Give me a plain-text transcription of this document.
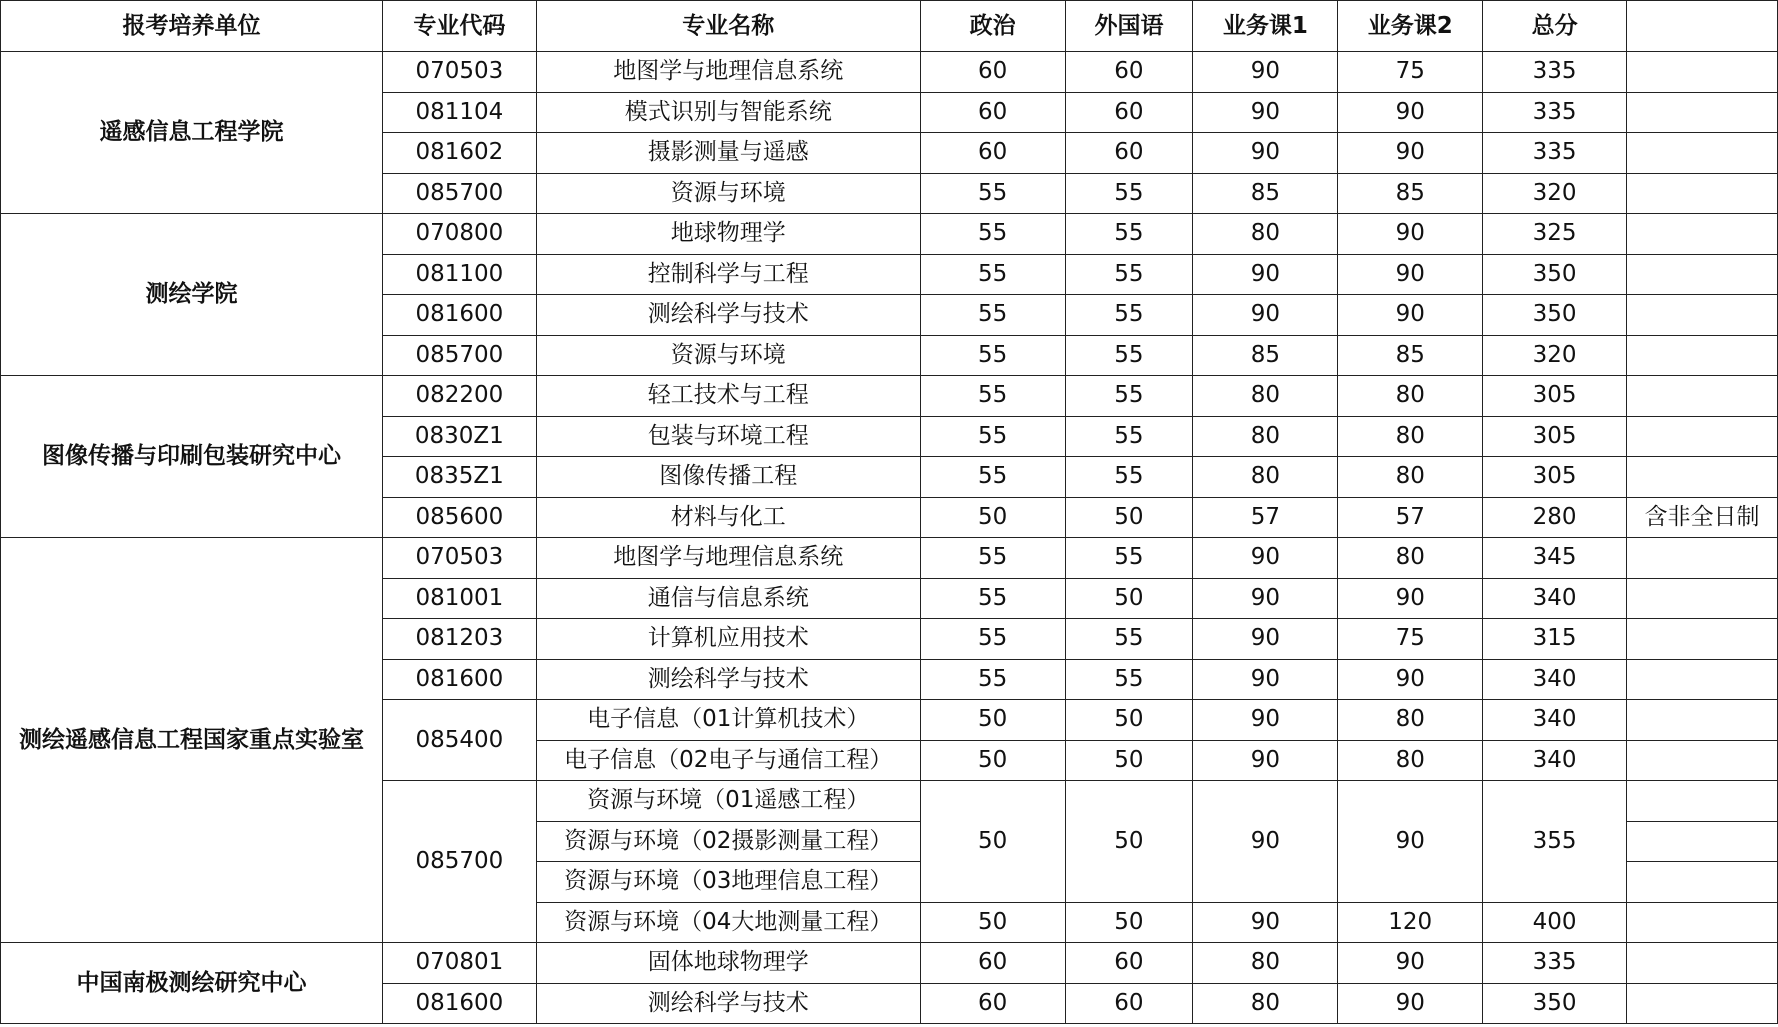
报考培养单位	专业代码	专业名称	政治	外国语	业务课1	业务课2	总分	
遥感信息工程学院	070503	地图学与地理信息系统	60	60	90	75	335	
	081104	模式识别与智能系统	60	60	90	90	335	
	081602	摄影测量与遥感	60	60	90	90	335	
	085700	资源与环境	55	55	85	85	320	
测绘学院	070800	地球物理学	55	55	80	90	325	
	081100	控制科学与工程	55	55	90	90	350	
	081600	测绘科学与技术	55	55	90	90	350	
	085700	资源与环境	55	55	85	85	320	
图像传播与印刷包装研究中心	082200	轻工技术与工程	55	55	80	80	305	
	0830Z1	包装与环境工程	55	55	80	80	305	
	0835Z1	图像传播工程	55	55	80	80	305	
	085600	材料与化工	50	50	57	57	280	含非全日制
测绘遥感信息工程国家重点实验室	070503	地图学与地理信息系统	55	55	90	80	345	
	081001	通信与信息系统	55	50	90	90	340	
	081203	计算机应用技术	55	55	90	75	315	
	081600	测绘科学与技术	55	55	90	90	340	
	085400	电子信息（01计算机技术）	50	50	90	80	340	
		电子信息（02电子与通信工程）	50	50	90	80	340	
	085700	资源与环境（01遥感工程）	50	50	90	90	355	
		资源与环境（02摄影测量工程）						
		资源与环境（03地理信息工程）						
		资源与环境（04大地测量工程）	50	50	90	120	400	
中国南极测绘研究中心	070801	固体地球物理学	60	60	80	90	335	
	081600	测绘科学与技术	60	60	80	90	350	
